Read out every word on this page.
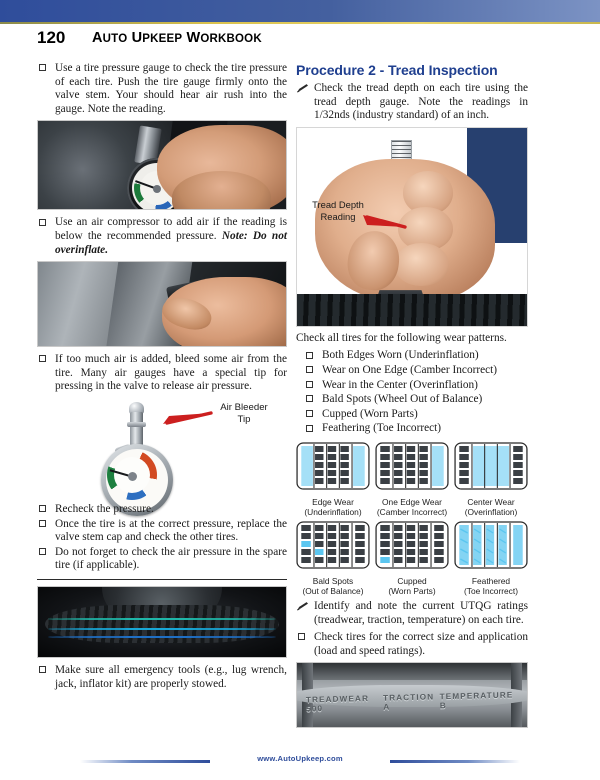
120 AUTO UPKEEP WORKBOOK
Use a tire pressure gauge to check the tire pressure of each tire. Push the tire gauge firmly onto the valve stem. Your should hear air rush into the gauge. Note the reading.
Use an air compressor to add air if the reading is below the recommended pressure. Note: Do not overinflate.
If too much air is added, bleed some air from the tire. Many air gauges have a special tip for pressing in the valve to release air pressure.
Air Bleeder Tip
Recheck the pressure.
Once the tire is at the correct pressure, replace the valve stem cap and check the other tires.
Do not forget to check the air pressure in the spare tire (if applicable).
Make sure all emergency tools (e.g., lug wrench, jack, inflator kit) are properly stowed.
Procedure 2 - Tread Inspection
Check the tread depth on each tire using the tread depth gauge. Note the readings in 1/32nds (industry standard) of an inch.
Tread Depth Reading
Check all tires for the following wear patterns.
Both Edges Worn (Underinflation)
Wear on One Edge (Camber Incorrect)
Wear in the Center (Overinflation)
Bald Spots (Wheel Out of Balance)
Cupped (Worn Parts)
Feathering (Toe Incorrect)
Edge Wear
(Underinflation)
One Edge Wear
(Camber Incorrect)
Center Wear
(Overinflation)
Bald Spots
(Out of Balance)
Cupped
(Worn Parts)
Feathered
(Toe Incorrect)
Identify and note the current UTQG ratings (treadwear, traction, temperature) on each tire.
Check tires for the correct size and application (load and speed ratings).
TREADWEAR 500
TRACTION A
TEMPERATURE B
www.AutoUpkeep.com
